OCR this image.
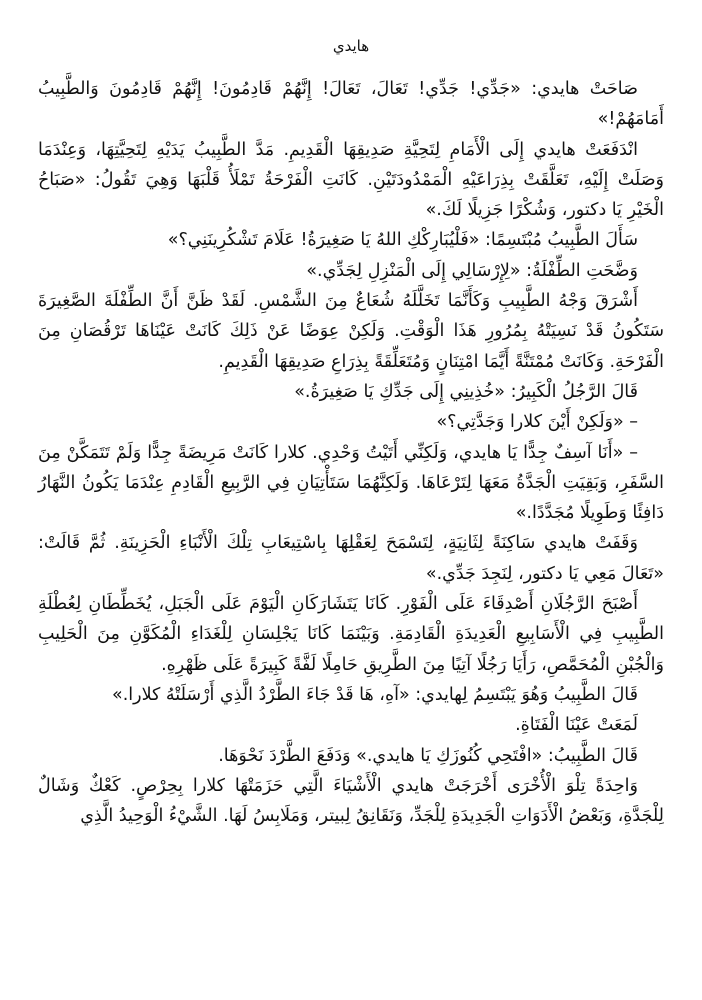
هايدي

صَاحَتْ هايدي: «جَدِّي! جَدِّي! تَعَالَ، تَعَالَ! إِنَّهُمْ قَادِمُونَ! إِنَّهُمْ قَادِمُونَ وَالطَّبِيبُ أَمَامَهُمْ!»

انْدَفَعَتْ هايدي إِلَى الْأَمَامِ لِتَحِيَّةِ صَدِيقِهَا الْقَدِيمِ. مَدَّ الطَّبِيبُ يَدَيْهِ لِتَحِيَّتِهَا، وَعِنْدَمَا وَصَلَتْ إِلَيْهِ، تَعَلَّقَتْ بِذِرَاعَيْهِ الْمَمْدُودَتَيْنِ. كَانَتِ الْفَرْحَةُ تَمْلَأُ قَلْبَهَا وَهِيَ تَقُولُ: «صَبَاحُ الْخَيْرِ يَا دكتور، وَشُكْرًا جَزِيلًا لَكَ.»

سَأَلَ الطَّبِيبُ مُبْتَسِمًا: «فَلْيُبَارِكْكِ اللهُ يَا صَغِيرَةُ! عَلَامَ تَشْكُرِينَنِي؟»

وَضَّحَتِ الطِّفْلَةُ: «لِإِرْسَالِي إِلَى الْمَنْزِلِ لِجَدِّي.»

أَشْرَقَ وَجْهُ الطَّبِيبِ وَكَأَنَّمَا تَخَلَّلَهُ شُعَاعٌ مِنَ الشَّمْسِ. لَقَدْ ظَنَّ أَنَّ الطِّفْلَةَ الصَّغِيرَةَ سَتَكُونُ قَدْ نَسِيَتْهُ بِمُرُورِ هَذَا الْوَقْتِ. وَلَكِنْ عِوَضًا عَنْ ذَلِكَ كَانَتْ عَيْنَاهَا تَرْقُصَانِ مِنَ الْفَرْحَةِ. وَكَانَتْ مُمْتَنَّةً أَيَّمَا امْتِنَانٍ وَمُتَعَلِّقَةً بِذِرَاعِ صَدِيقِهَا الْقَدِيمِ.

قَالَ الرَّجُلُ الْكَبِيرُ: «خُذِينِي إِلَى جَدِّكِ يَا صَغِيرَةُ.»

– «وَلَكِنْ أَيْنَ كلارا وَجَدَّتِي؟»

– «أَنَا آسِفٌ جِدًّا يَا هايدي، وَلَكِنِّي أَتَيْتُ وَحْدِي. كلارا كَانَتْ مَرِيضَةً جِدًّا وَلَمْ تَتَمَكَّنْ مِنَ السَّفَرِ، وَبَقِيَتِ الْجَدَّةُ مَعَهَا لِتَرْعَاهَا. وَلَكِنَّهُمَا سَتَأْتِيَانِ فِي الرَّبِيعِ الْقَادِمِ عِنْدَمَا يَكُونُ النَّهَارُ دَافِئًا وَطَوِيلًا مُجَدَّدًا.»

وَقَفَتْ هايدي سَاكِنَةً لِثَانِيَةٍ، لِتَسْمَحَ لِعَقْلِهَا بِاسْتِيعَابِ تِلْكَ الْأَنْبَاءِ الْحَزِينَةِ. ثُمَّ قَالَتْ: «تَعَالَ مَعِي يَا دكتور، لِنَجِدَ جَدِّي.»

أَصْبَحَ الرَّجُلَانِ أَصْدِقَاءَ عَلَى الْفَوْرِ. كَانَا يَتَشَارَكَانِ الْيَوْمَ عَلَى الْجَبَلِ، يُخَطِّطَانِ لِعُطْلَةِ الطَّبِيبِ فِي الْأَسَابِيعِ الْعَدِيدَةِ الْقَادِمَةِ. وَبَيْنَمَا كَانَا يَجْلِسَانِ لِلْغَدَاءِ الْمُكَوَّنِ مِنَ الْحَلِيبِ وَالْجُبْنِ الْمُحَمَّصِ، رَأَيَا رَجُلًا آتِيًا مِنَ الطَّرِيقِ حَامِلًا لَفَّةً كَبِيرَةً عَلَى ظَهْرِهِ.

قَالَ الطَّبِيبُ وَهُوَ يَبْتَسِمُ لِهايدي: «آهِ، هَا قَدْ جَاءَ الطَّرْدُ الَّذِي أَرْسَلَتْهُ كلارا.»

لَمَعَتْ عَيْنَا الْفَتَاةِ.

قَالَ الطَّبِيبُ: «افْتَحِي كُنُوزَكِ يَا هايدي.» وَدَفَعَ الطَّرْدَ نَحْوَهَا.

وَاحِدَةً تِلْوَ الْأُخْرَى أَخْرَجَتْ هايدي الْأَشْيَاءَ الَّتِي حَزَمَتْهَا كلارا بِحِرْصٍ. كَعْكٌ وَشَالٌ لِلْجَدَّةِ، وَبَعْضُ الْأَدَوَاتِ الْجَدِيدَةِ لِلْجَدِّ، وَنَقَانِقُ لِبيتر، وَمَلَابِسُ لَهَا. الشَّيْءُ الْوَحِيدُ الَّذِي
